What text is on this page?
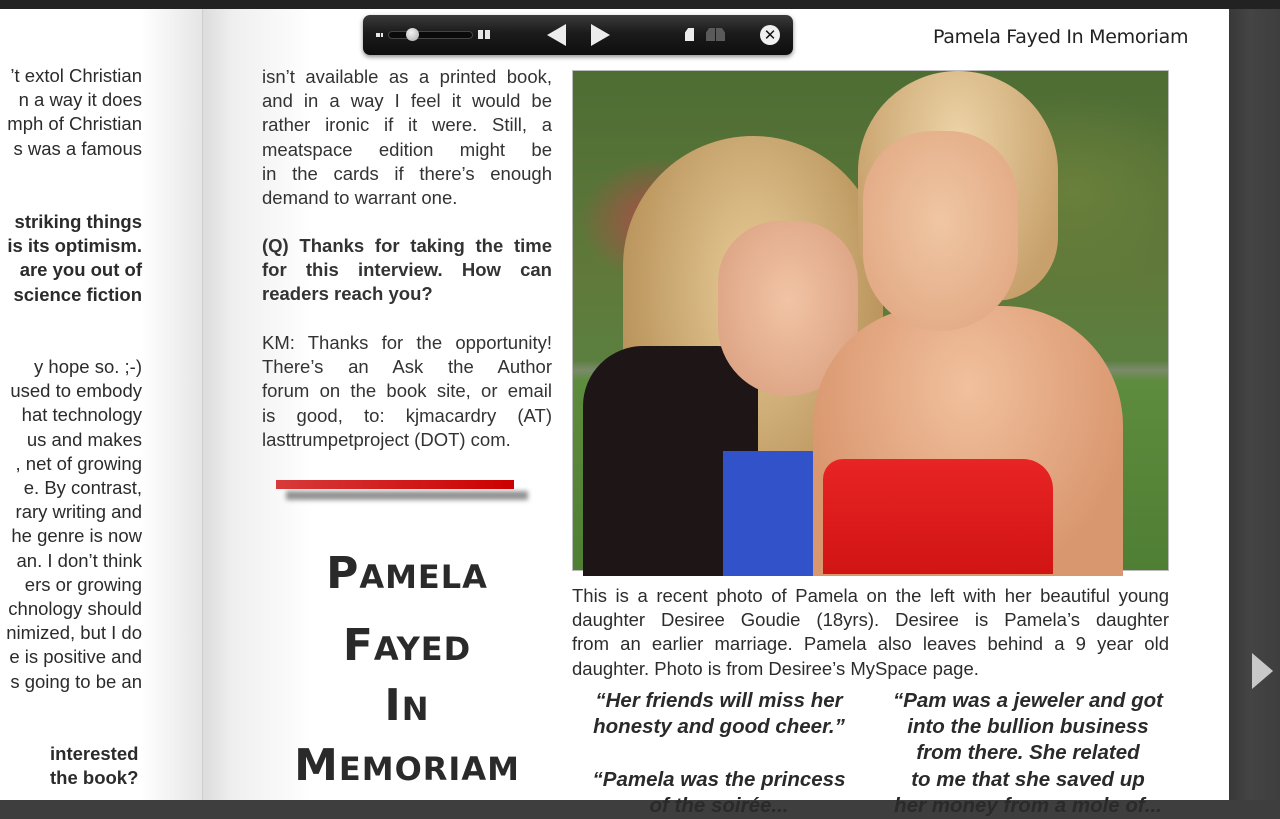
’t extol Christian

n a way it does

mph of Christian

s was a famous

striking things

is its optimism.

are you out of

science fiction

y hope so. ;-)

used to embody

hat technology

us and makes

, net of growing

e. By contrast,

rary writing and

he genre is now

an. I don’t think

ers or growing

chnology should

nimized, but I do

e is positive and

s going to be an

interested

the book?

Pamela Fayed In Memoriam
isn’t available as a printed book,
and in a way I feel it would be
rather ironic if it were. Still, a
meatspace edition might be
in the cards if there’s enough
demand to warrant one.
(Q) Thanks for taking the time
for this interview. How can
readers reach you?
KM: Thanks for the opportunity!
There’s an Ask the Author
forum on the book site, or email
is good, to: kjmacardry (AT)
lasttrumpetproject (DOT) com.
PAMELA
FAYED
IN
MEMORIAM
This is a recent photo of Pamela on the left with her beautiful young
daughter Desiree Goudie (18yrs). Desiree is Pamela’s daughter
from an earlier marriage. Pamela also leaves behind a 9 year old
daughter. Photo is from Desiree’s MySpace page.
“Her friends will miss her
honesty and good cheer.”
“Pamela was the princess
of the soirée...
“Pam was a jeweler and got
into the bullion business
from there. She related
to me that she saved up
her money from a mole of...
✕
